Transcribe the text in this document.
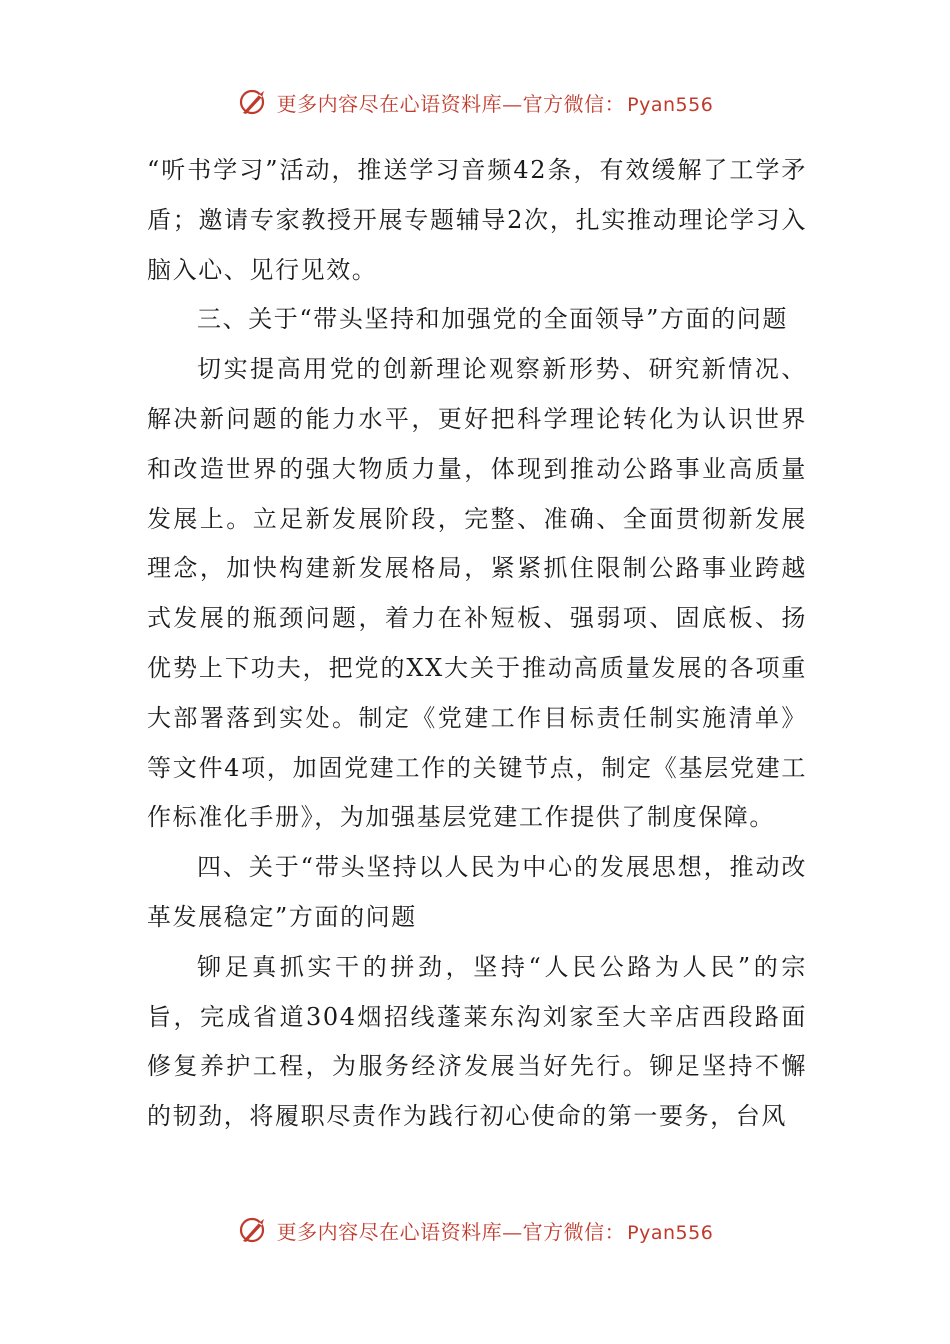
更多内容尽在心语资料库—官方微信： Pyan556

“听书学习”活动，推送学习音频42条，有效缓解了工学矛盾；邀请专家教授开展专题辅导2次，扎实推动理论学习入脑入心、见行见效。

三、关于“带头坚持和加强党的全面领导”方面的问题

切实提高用党的创新理论观察新形势、研究新情况、解决新问题的能力水平，更好把科学理论转化为认识世界和改造世界的强大物质力量，体现到推动公路事业高质量发展上。立足新发展阶段，完整、准确、全面贯彻新发展理念，加快构建新发展格局，紧紧抓住限制公路事业跨越式发展的瓶颈问题，着力在补短板、强弱项、固底板、扬优势上下功夫，把党的XX大关于推动高质量发展的各项重大部署落到实处。制定《党建工作目标责任制实施清单》等文件4项，加固党建工作的关键节点，制定《基层党建工作标准化手册》，为加强基层党建工作提供了制度保障。

四、关于“带头坚持以人民为中心的发展思想，推动改革发展稳定”方面的问题

铆足真抓实干的拼劲，坚持“人民公路为人民”的宗旨，完成省道304烟招线蓬莱东沟刘家至大辛店西段路面修复养护工程，为服务经济发展当好先行。铆足坚持不懈的韧劲，将履职尽责作为践行初心使命的第一要务，台风

更多内容尽在心语资料库—官方微信： Pyan556
